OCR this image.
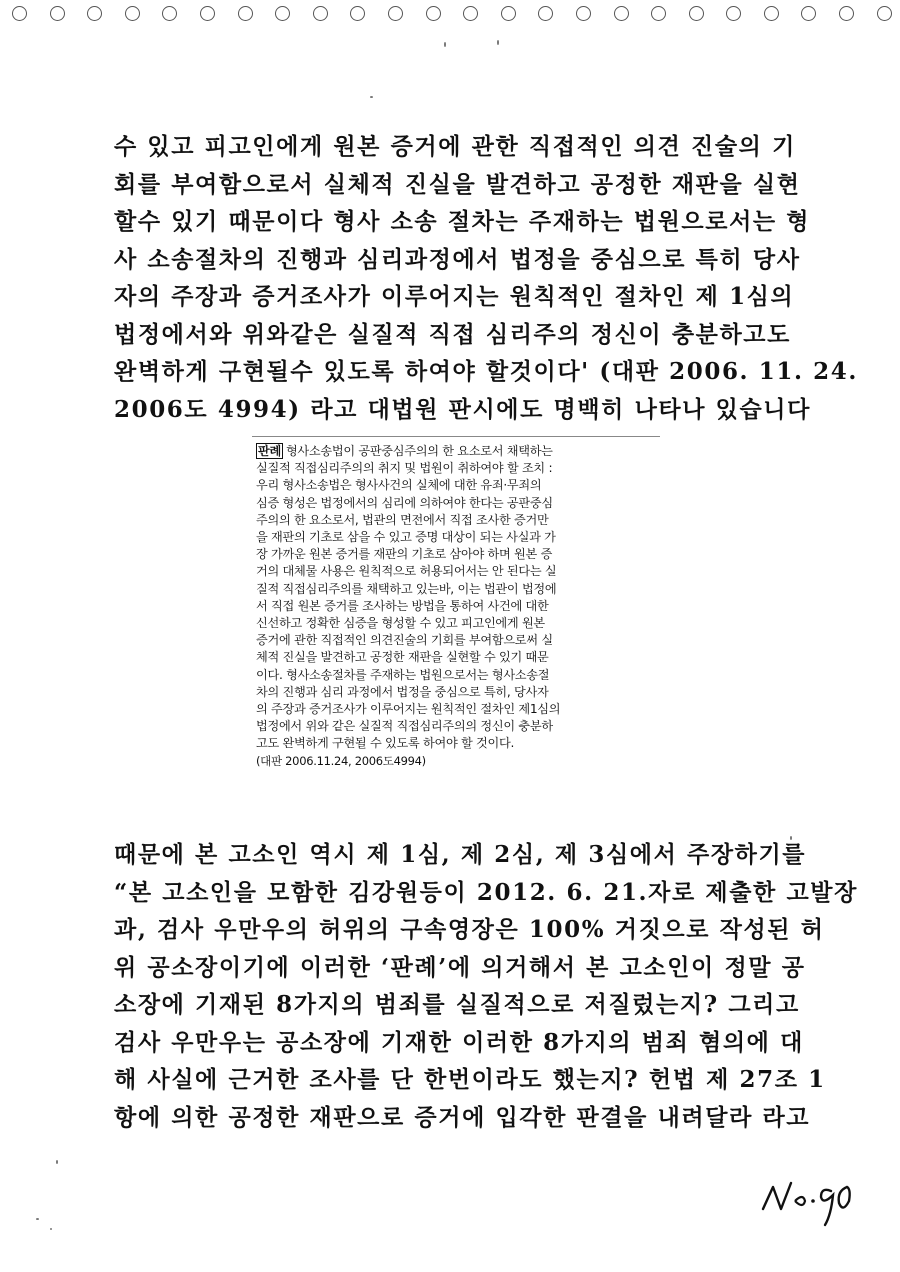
수 있고 피고인에게 원본 증거에 관한 직접적인 의견 진술의 기
회를 부여함으로서 실체적 진실을 발견하고 공정한 재판을 실현
할수 있기 때문이다 형사 소송 절차는 주재하는 법원으로서는 형
사 소송절차의 진행과 심리과정에서 법정을 중심으로 특히 당사
자의 주장과 증거조사가 이루어지는 원칙적인 절차인 제 1심의
법정에서와 위와같은 실질적 직접 심리주의 정신이 충분하고도
완벽하게 구현될수 있도록 하여야 할것이다' (대판 2006. 11. 24.
2006도 4994) 라고 대법원 판시에도 명백히 나타나 있습니다
판례 형사소송법이 공판중심주의의 한 요소로서 채택하는
실질적 직접심리주의의 취지 및 법원이 취하여야 할 조치 :
우리 형사소송법은 형사사건의 실체에 대한 유죄·무죄의
심증 형성은 법정에서의 심리에 의하여야 한다는 공판중심
주의의 한 요소로서, 법관의 면전에서 직접 조사한 증거만
을 재판의 기초로 삼을 수 있고 증명 대상이 되는 사실과 가
장 가까운 원본 증거를 재판의 기초로 삼아야 하며 원본 증
거의 대체물 사용은 원칙적으로 허용되어서는 안 된다는 실
질적 직접심리주의를 채택하고 있는바, 이는 법관이 법정에
서 직접 원본 증거를 조사하는 방법을 통하여 사건에 대한
신선하고 정확한 심증을 형성할 수 있고 피고인에게 원본
증거에 관한 직접적인 의견진술의 기회를 부여함으로써 실
체적 진실을 발견하고 공정한 재판을 실현할 수 있기 때문
이다. 형사소송절차를 주재하는 법원으로서는 형사소송절
차의 진행과 심리 과정에서 법정을 중심으로 특히, 당사자
의 주장과 증거조사가 이루어지는 원칙적인 절차인 제1심의
법정에서 위와 같은 실질적 직접심리주의의 정신이 충분하
고도 완벽하게 구현될 수 있도록 하여야 할 것이다.
(대판 2006.11.24, 2006도4994)
때문에 본 고소인 역시 제 1심, 제 2심, 제 3심에서 주장하기를
“본 고소인을 모함한 김강원등이 2012. 6. 21.자로 제출한 고발장
과, 검사 우만우의 허위의 구속영장은 100% 거짓으로 작성된 허
위 공소장이기에 이러한 ‘판례’에 의거해서 본 고소인이 정말 공
소장에 기재된 8가지의 범죄를 실질적으로 저질렀는지? 그리고
검사 우만우는 공소장에 기재한 이러한 8가지의 범죄 혐의에 대
해 사실에 근거한 조사를 단 한번이라도 했는지? 헌법 제 27조 1
항에 의한 공정한 재판으로 증거에 입각한 판결을 내려달라 라고
